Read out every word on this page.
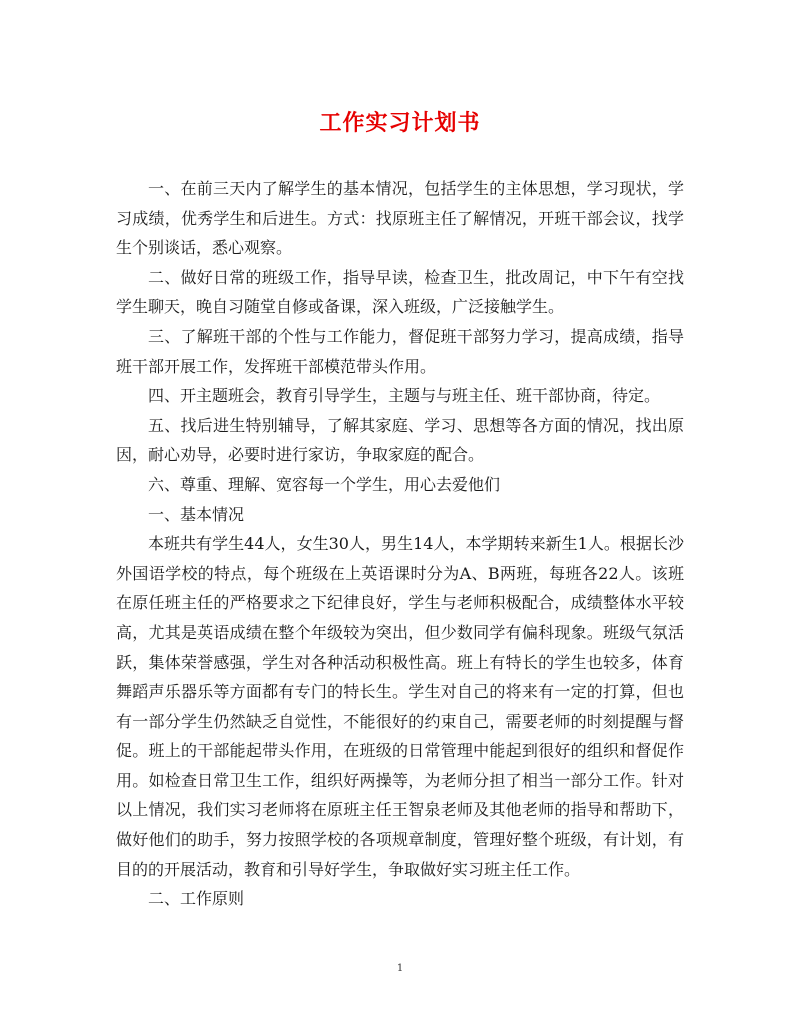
工作实习计划书

一、在前三天内了解学生的基本情况，包括学生的主体思想，学习现状，学习成绩，优秀学生和后进生。方式：找原班主任了解情况，开班干部会议，找学生个别谈话，悉心观察。

二、做好日常的班级工作，指导早读，检查卫生，批改周记，中下午有空找学生聊天，晚自习随堂自修或备课，深入班级，广泛接触学生。

三、了解班干部的个性与工作能力，督促班干部努力学习，提高成绩，指导班干部开展工作，发挥班干部模范带头作用。

四、开主题班会，教育引导学生，主题与与班主任、班干部协商，待定。

五、找后进生特别辅导，了解其家庭、学习、思想等各方面的情况，找出原因，耐心劝导，必要时进行家访，争取家庭的配合。

六、尊重、理解、宽容每一个学生，用心去爱他们

一、基本情况

本班共有学生44人，女生30人，男生14人，本学期转来新生1人。根据长沙外国语学校的特点，每个班级在上英语课时分为A、B两班，每班各22人。该班在原任班主任的严格要求之下纪律良好，学生与老师积极配合，成绩整体水平较高，尤其是英语成绩在整个年级较为突出，但少数同学有偏科现象。班级气氛活跃，集体荣誉感强，学生对各种活动积极性高。班上有特长的学生也较多，体育舞蹈声乐器乐等方面都有专门的特长生。学生对自己的将来有一定的打算，但也有一部分学生仍然缺乏自觉性，不能很好的约束自己，需要老师的时刻提醒与督促。班上的干部能起带头作用，在班级的日常管理中能起到很好的组织和督促作用。如检查日常卫生工作，组织好两操等，为老师分担了相当一部分工作。针对以上情况，我们实习老师将在原班主任王智泉老师及其他老师的指导和帮助下，做好他们的助手，努力按照学校的各项规章制度，管理好整个班级，有计划，有目的的开展活动，教育和引导好学生，争取做好实习班主任工作。

二、工作原则

1
